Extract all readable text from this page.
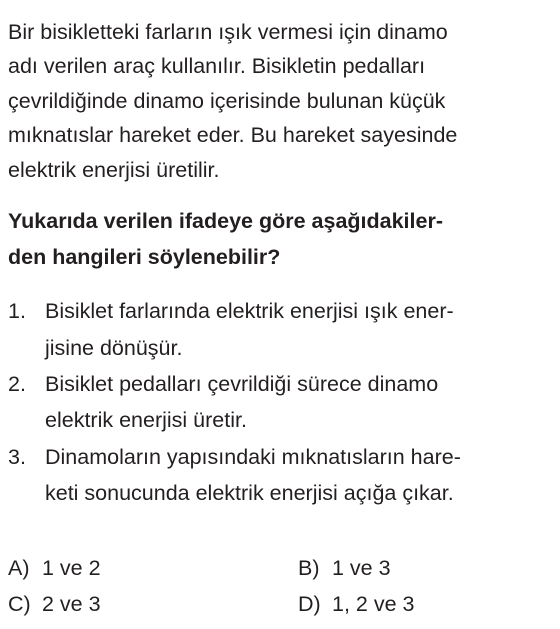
Bir bisikletteki farların ışık vermesi için dinamo
adı verilen araç kullanılır. Bisikletin pedalları
çevrildiğinde dinamo içerisinde bulunan küçük
mıknatıslar hareket eder. Bu hareket sayesinde
elektrik enerjisi üretilir.
Yukarıda verilen ifadeye göre aşağıdakiler-
den hangileri söylenebilir?
1. Bisiklet farlarında elektrik enerjisi ışık ener-
jisine dönüşür.
2. Bisiklet pedalları çevrildiği sürece dinamo
elektrik enerjisi üretir.
3. Dinamoların yapısındaki mıknatısların hare-
keti sonucunda elektrik enerjisi açığa çıkar.
A) 1 ve 2	B) 1 ve 3
C) 2 ve 3	D) 1, 2 ve 3
